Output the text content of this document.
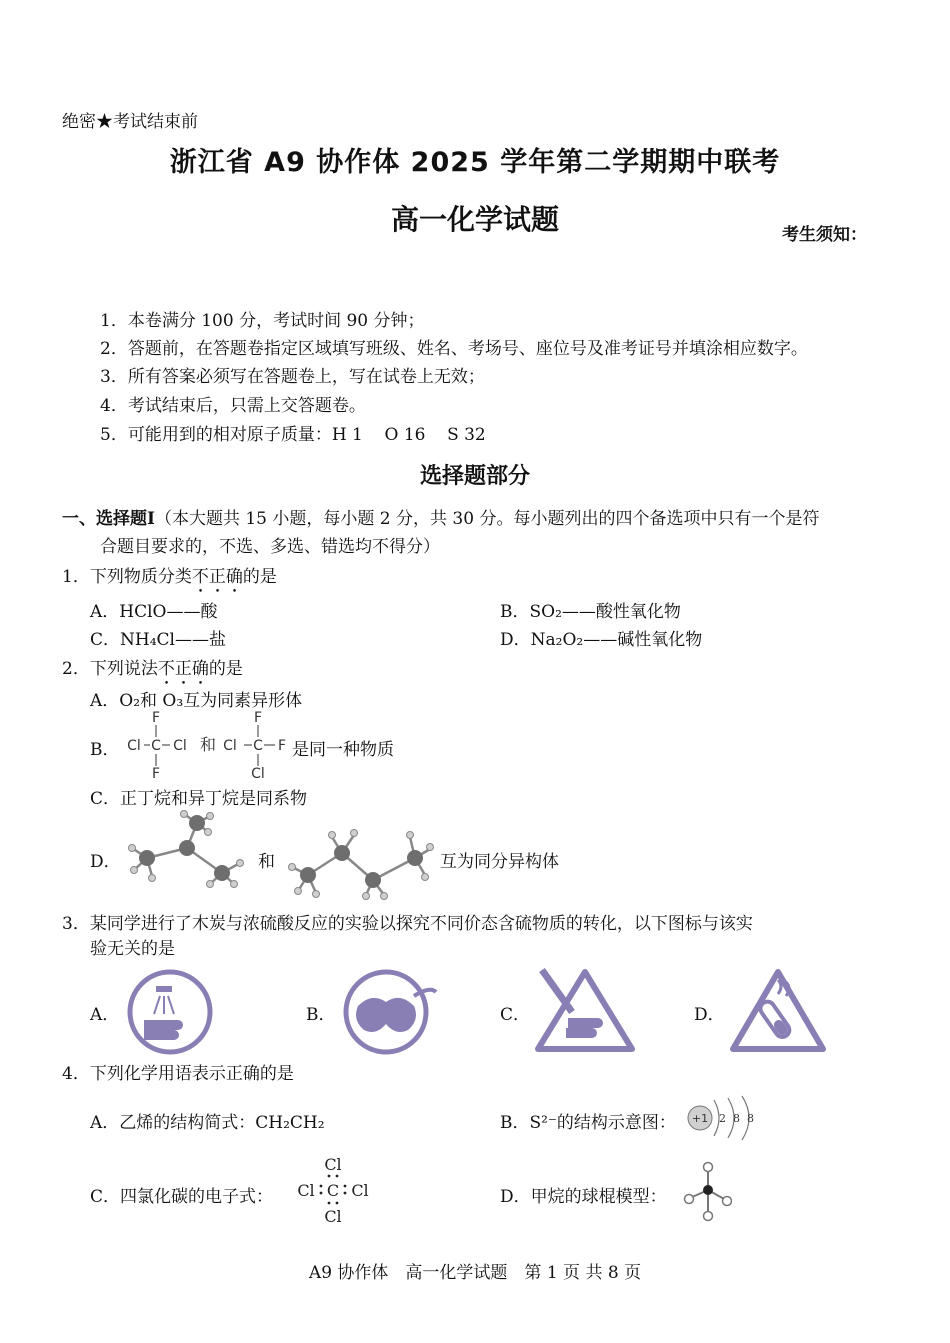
绝密★考试结束前
浙江省 A9 协作体 2025 学年第二学期期中联考
高一化学试题	考生须知：
1．本卷满分 100 分，考试时间 90 分钟；
2．答题前，在答题卷指定区域填写班级、姓名、考场号、座位号及准考证号并填涂相应数字。
3．所有答案必须写在答题卷上，写在试卷上无效；
4．考试结束后，只需上交答题卷。
5．可能用到的相对原子质量：H 1    O 16    S 32
选择题部分
一、选择题Ⅰ（本大题共 15 小题，每小题 2 分，共 30 分。每小题列出的四个备选项中只有一个是符
合题目要求的，不选、多选、错选均不得分）
1．下列物质分类不正确的是
A．HClO——酸	B．SO₂——酸性氧化物
C．NH₄Cl——盐	D．Na₂O₂——碱性氧化物
2．下列说法不正确的是
A．O₂和 O₃互为同素异形体
B．
F
Cl C Cl
F
和
F
Cl C F
Cl
是同一种物质
C．正丁烷和异丁烷是同系物
D．	和	互为同分异构体
3．某同学进行了木炭与浓硫酸反应的实验以探究不同价态含硫物质的转化，以下图标与该实
验无关的是
A．	B．	C．	D．
4．下列化学用语表示正确的是
A．乙烯的结构简式：CH₂CH₂	B．S²⁻的结构示意图： +1 2 8 8
C．四氯化碳的电子式：
Cl
Cl C Cl
Cl
D．甲烷的球棍模型：
A9 协作体　高一化学试题　第 1 页 共 8 页
